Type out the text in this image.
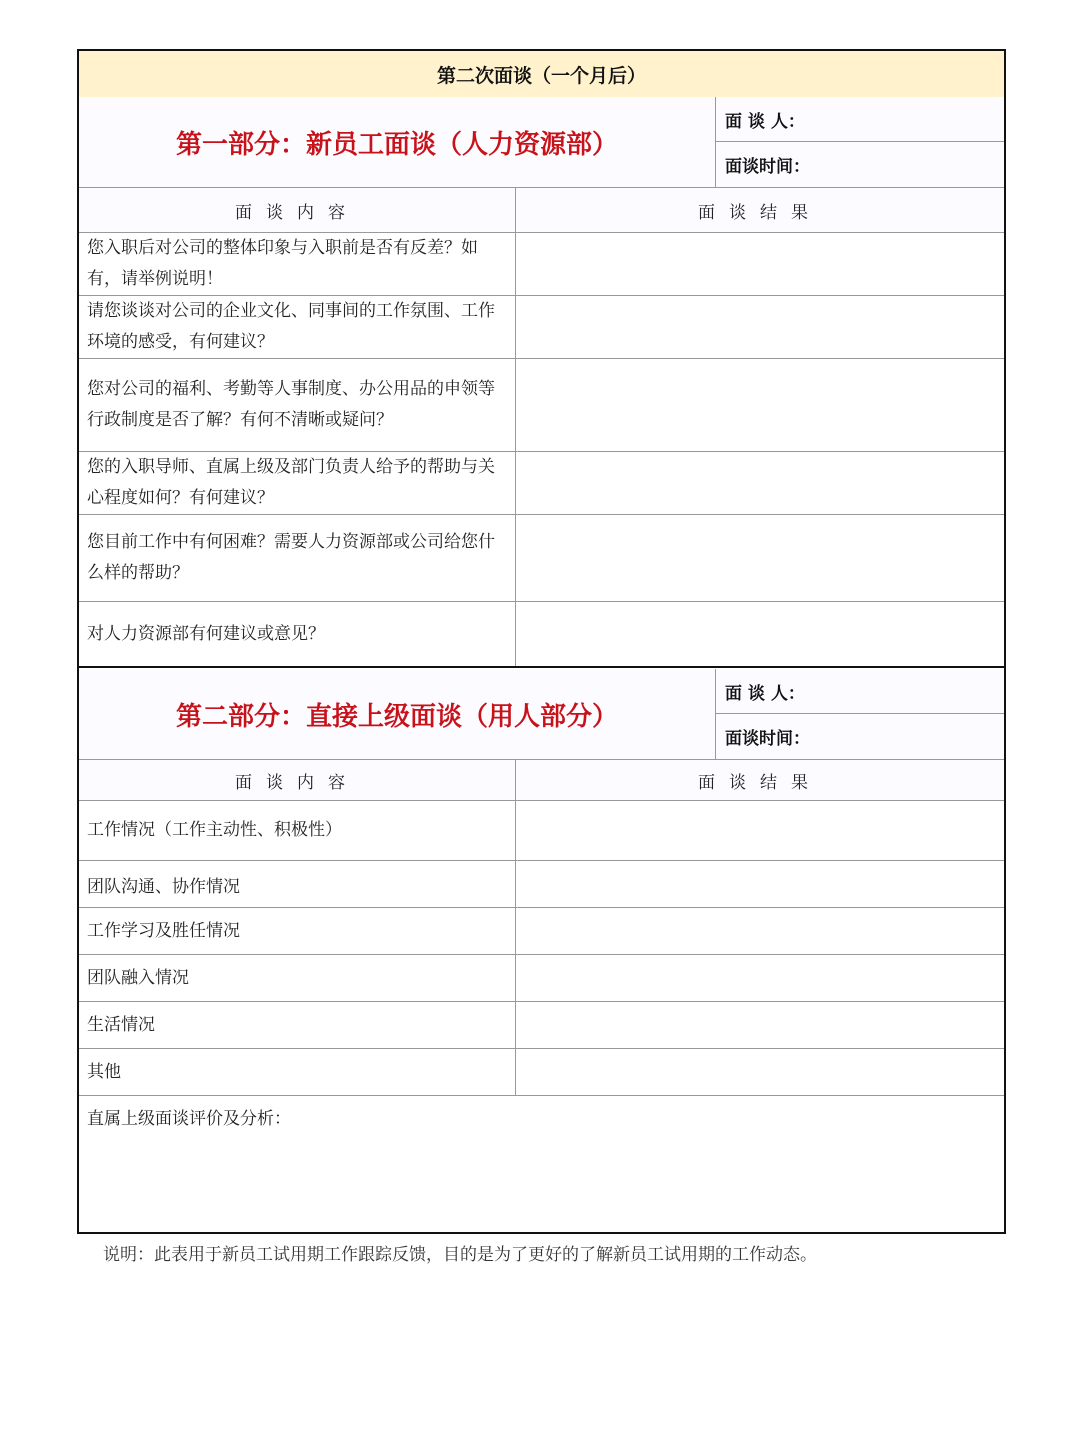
第二次面谈（一个月后）
第一部分：新员工面谈（人力资源部）
面 谈 人：
面谈时间：
面谈内容	面谈结果
您入职后对公司的整体印象与入职前是否有反差？如有，请举例说明！
请您谈谈对公司的企业文化、同事间的工作氛围、工作环境的感受，有何建议？
您对公司的福利、考勤等人事制度、办公用品的申领等行政制度是否了解？有何不清晰或疑问？
您的入职导师、直属上级及部门负责人给予的帮助与关心程度如何？有何建议？
您目前工作中有何困难？需要人力资源部或公司给您什么样的帮助？
对人力资源部有何建议或意见？
第二部分：直接上级面谈（用人部分）
面 谈 人：
面谈时间：
面谈内容	面谈结果
工作情况（工作主动性、积极性）
团队沟通、协作情况
工作学习及胜任情况
团队融入情况
生活情况
其他
直属上级面谈评价及分析：
说明：此表用于新员工试用期工作跟踪反馈，目的是为了更好的了解新员工试用期的工作动态。
